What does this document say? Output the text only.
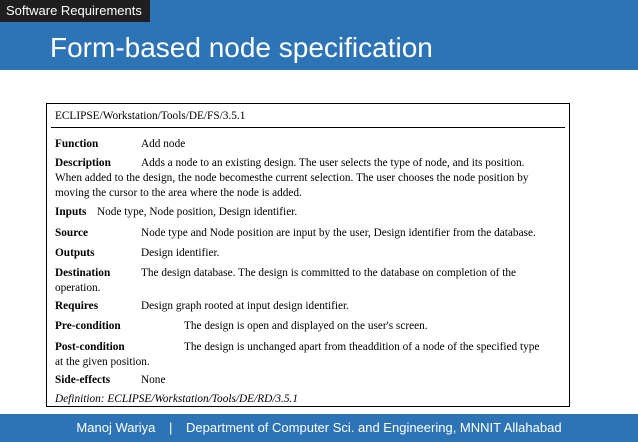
Software Requirements
Form-based node specification
ECLIPSE/Workstation/Tools/DE/FS/3.5.1
Function	Add node
Description	Adds a node to an existing design. The user selects the type of node, and its position.
When added to the design, the node becomesthe current selection. The user chooses the node position by
moving the cursor to the area where the node is added.
Inputs Node type, Node position, Design identifier.
Source	Node type and Node position are input by the user, Design identifier from the database.
Outputs	Design identifier.
Destination	The design database. The design is committed to the database on completion of the
operation.
Requires	Design graph rooted at input design identifier.
Pre-condition	The design is open and displayed on the user's screen.
Post-condition	The design is unchanged apart from theaddition of a node of the specified type
at the given position.
Side-effects	None
Definition: ECLIPSE/Workstation/Tools/DE/RD/3.5.1
Manoj Wariya | Department of Computer Sci. and Engineering, MNNIT Allahabad
